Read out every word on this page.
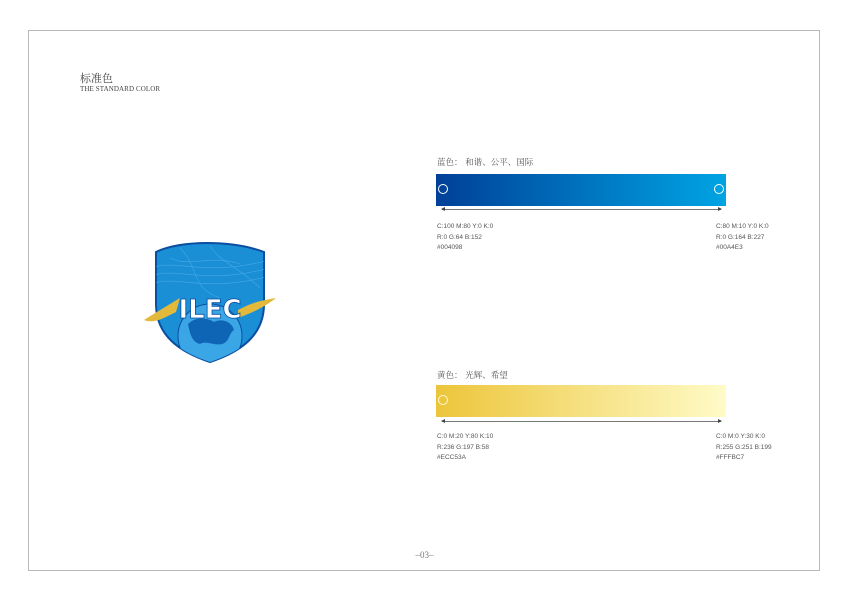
标准色
THE STANDARD COLOR
ILEC
蓝色： 和谐、公平、国际
C:100 M:80 Y:0 K:0
R:0 G:64 B:152
#004098
C:80 M:10 Y:0 K:0
R:0 G:164 B:227
#00A4E3
黄色： 光辉、希望
C:0 M:20 Y:80 K:10
R:236 G:197 B:58
#ECC53A
C:0 M:0 Y:30 K:0
R:255 G:251 B:199
#FFFBC7
–03–
